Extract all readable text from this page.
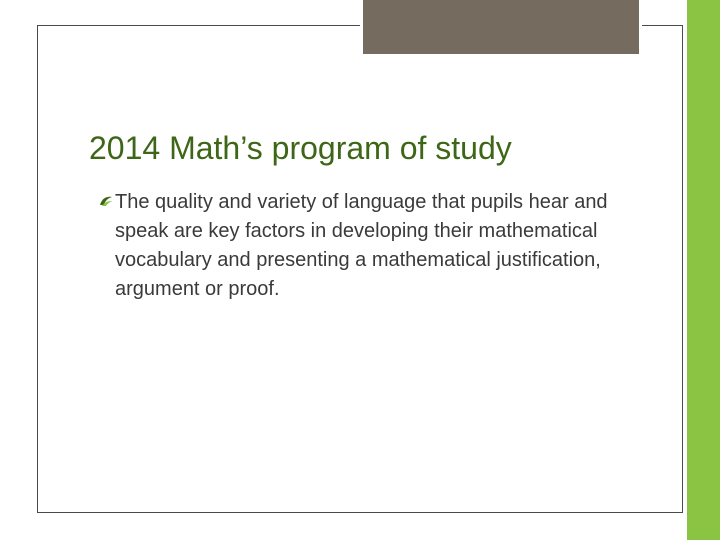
2014 Math’s program of study
The quality and variety of language that pupils hear and speak are key factors in developing their mathematical vocabulary and presenting a mathematical justification, argument or proof.
